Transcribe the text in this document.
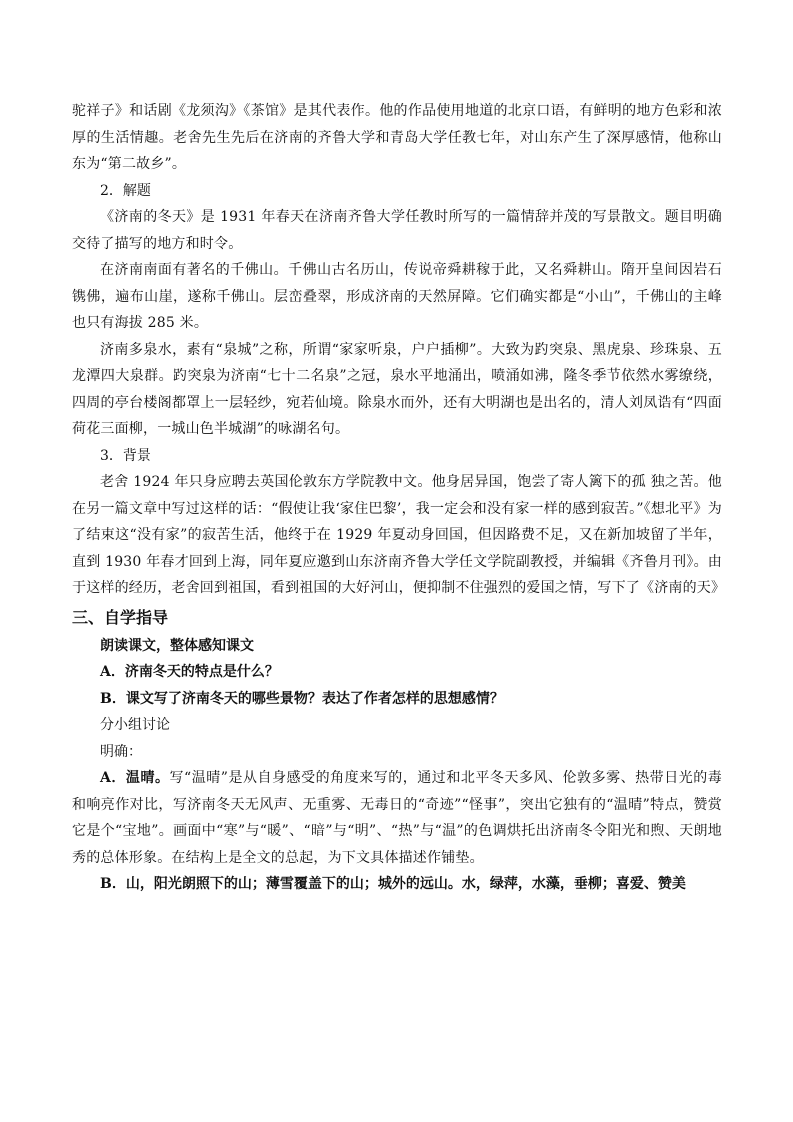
驼祥子》和话剧《龙须沟》《茶馆》是其代表作。他的作品使用地道的北京口语，有鲜明的地方色彩和浓厚的生活情趣。老舍先生先后在济南的齐鲁大学和青岛大学任教七年，对山东产生了深厚感情，他称山东为“第二故乡”。

2．解题

《济南的冬天》是 1931 年春天在济南齐鲁大学任教时所写的一篇情辞并茂的写景散文。题目明确交待了描写的地方和时令。

在济南南面有著名的千佛山。千佛山古名历山，传说帝舜耕稼于此，又名舜耕山。隋开皇间因岩石镌佛，遍布山崖，遂称千佛山。层峦叠翠，形成济南的天然屏障。它们确实都是“小山”，千佛山的主峰也只有海拔 285 米。

济南多泉水，素有“泉城”之称，所谓“家家听泉，户户插柳”。大致为趵突泉、黑虎泉、珍珠泉、五龙潭四大泉群。趵突泉为济南“七十二名泉”之冠，泉水平地涌出，喷涌如沸，隆冬季节依然水雾缭绕，四周的亭台楼阁都罩上一层轻纱，宛若仙境。除泉水而外，还有大明湖也是出名的，清人刘凤诰有“四面荷花三面柳，一城山色半城湖”的咏湖名句。

3．背景

老舍 1924 年只身应聘去英国伦敦东方学院教中文。他身居异国，饱尝了寄人篱下的孤 独之苦。他在另一篇文章中写过这样的话：“假使让我‘家住巴黎’，我一定会和没有家一样的感到寂苦。”《想北平》为了结束这“没有家”的寂苦生活，他终于在 1929 年夏动身回国，但因路费不足，又在新加坡留了半年，直到 1930 年春才回到上海，同年夏应邀到山东济南齐鲁大学任文学院副教授，并编辑《齐鲁月刊》。由于这样的经历，老舍回到祖国，看到祖国的大好河山，便抑制不住强烈的爱国之情，写下了《济南的天》

三、自学指导

朗读课文，整体感知课文

A．济南冬天的特点是什么？

B．课文写了济南冬天的哪些景物？表达了作者怎样的思想感情？

分小组讨论

明确：

A．温晴。写“温晴”是从自身感受的角度来写的，通过和北平冬天多风、伦敦多雾、热带日光的毒和响亮作对比，写济南冬天无风声、无重雾、无毒日的“奇迹”“怪事”，突出它独有的“温晴”特点，赞赏它是个“宝地”。画面中“寒”与“暖”、“暗”与“明”、“热”与“温”的色调烘托出济南冬令阳光和煦、天朗地秀的总体形象。在结构上是全文的总起，为下文具体描述作铺垫。

B．山，阳光朗照下的山；薄雪覆盖下的山；城外的远山。水，绿萍，水藻，垂柳；喜爱、赞美
